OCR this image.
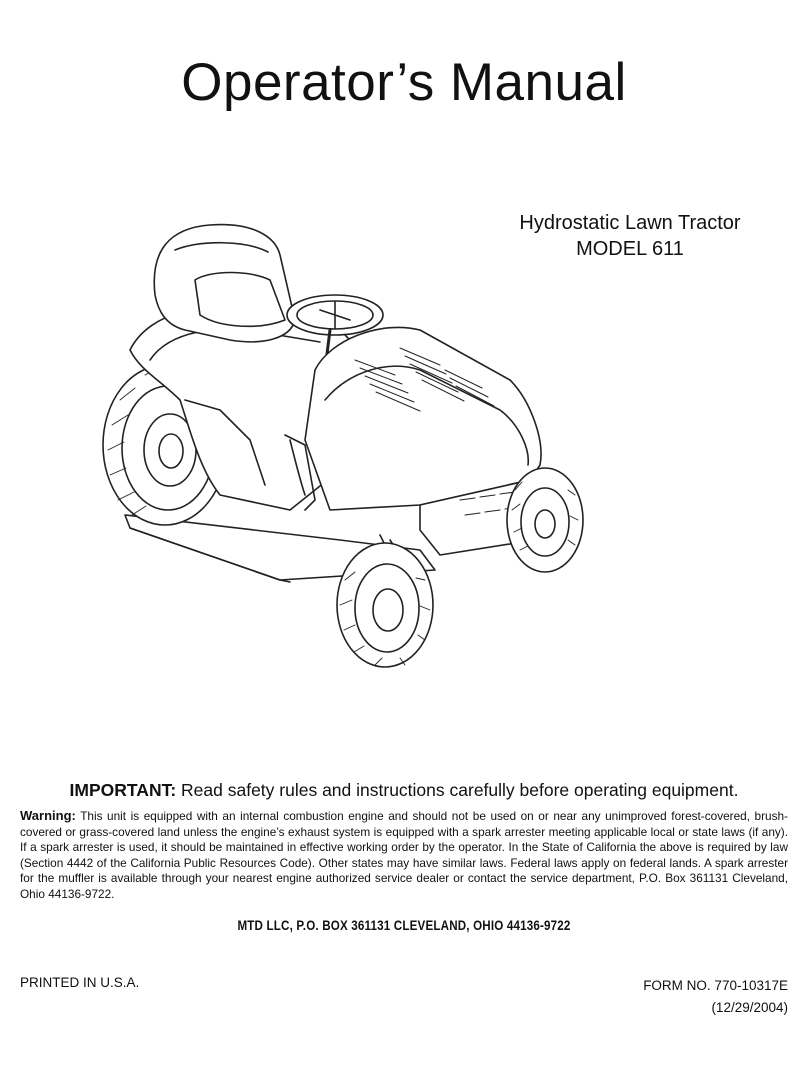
Operator’s Manual
Hydrostatic Lawn Tractor
MODEL 611
IMPORTANT: Read safety rules and instructions carefully before operating equipment.
Warning: This unit is equipped with an internal combustion engine and should not be used on or near any unimproved forest-covered, brush-covered or grass-covered land unless the engine’s exhaust system is equipped with a spark arrester meeting applicable local or state laws (if any). If a spark arrester is used, it should be maintained in effective working order by the operator. In the State of California the above is required by law (Section 4442 of the California Public Resources Code). Other states may have similar laws. Federal laws apply on federal lands. A spark arrester for the muffler is available through your nearest engine authorized service dealer or contact the service department, P.O. Box 361131 Cleveland, Ohio 44136-9722.
MTD LLC, P.O. BOX 361131 CLEVELAND, OHIO 44136-9722
PRINTED IN U.S.A.	FORM NO. 770-10317E
(12/29/2004)
